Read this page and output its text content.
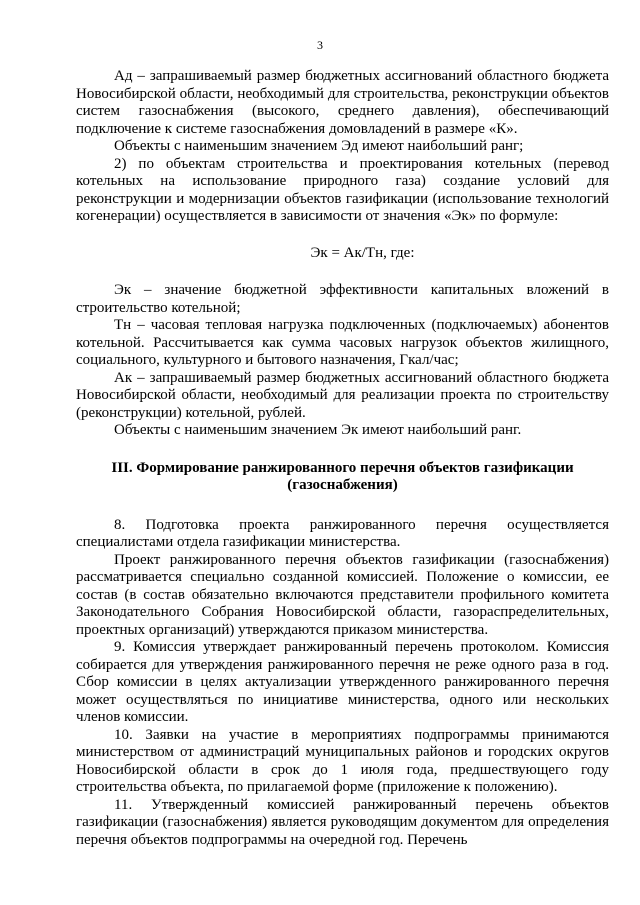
3

Ад – запрашиваемый размер бюджетных ассигнований областного бюджета Новосибирской области, необходимый для строительства, реконструкции объектов систем газоснабжения (высокого, среднего давления), обеспечивающий подключение к системе газоснабжения домовладений в размере «К».

Объекты с наименьшим значением Эд имеют наибольший ранг;

2) по объектам строительства и проектирования котельных (перевод котельных на использование природного газа) создание условий для реконструкции и модернизации объектов газификации (использование технологий когенерации) осуществляется в зависимости от значения «Эк» по формуле:

Эк = Ак/Тн, где:

Эк – значение бюджетной эффективности капитальных вложений в строительство котельной;

Тн – часовая тепловая нагрузка подключенных (подключаемых) абонентов котельной. Рассчитывается как сумма часовых нагрузок объектов жилищного, социального, культурного и бытового назначения, Гкал/час;

Ак – запрашиваемый размер бюджетных ассигнований областного бюджета Новосибирской области, необходимый для реализации проекта по строительству (реконструкции) котельной, рублей.

Объекты с наименьшим значением Эк имеют наибольший ранг.

III. Формирование ранжированного перечня объектов газификации (газоснабжения)

8. Подготовка проекта ранжированного перечня осуществляется специалистами отдела газификации министерства.

Проект ранжированного перечня объектов газификации (газоснабжения) рассматривается специально созданной комиссией. Положение о комиссии, ее состав (в состав обязательно включаются представители профильного комитета Законодательного Собрания Новосибирской области, газораспределительных, проектных организаций) утверждаются приказом министерства.

9. Комиссия утверждает ранжированный перечень протоколом. Комиссия собирается для утверждения ранжированного перечня не реже одного раза в год. Сбор комиссии в целях актуализации утвержденного ранжированного перечня может осуществляться по инициативе министерства, одного или нескольких членов комиссии.

10. Заявки на участие в мероприятиях подпрограммы принимаются министерством от администраций муниципальных районов и городских округов Новосибирской области в срок до 1 июля года, предшествующего году строительства объекта, по прилагаемой форме (приложение к положению).

11. Утвержденный комиссией ранжированный перечень объектов газификации (газоснабжения) является руководящим документом для определения перечня объектов подпрограммы на очередной год. Перечень
